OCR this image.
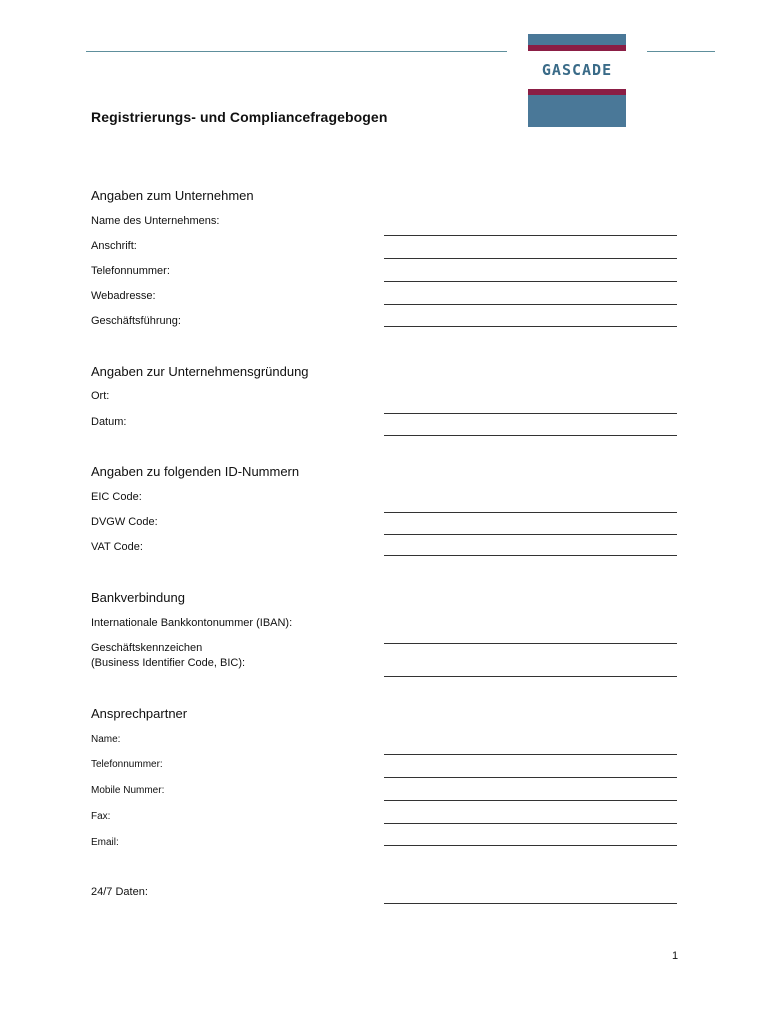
GASCADE
Registrierungs- und Compliancefragebogen
Angaben zum Unternehmen
Name des Unternehmens:
Anschrift:
Telefonnummer:
Webadresse:
Geschäftsführung:
Angaben zur Unternehmensgründung
Ort:
Datum:
Angaben zu folgenden ID-Nummern
EIC Code:
DVGW Code:
VAT Code:
Bankverbindung
Internationale Bankkontonummer (IBAN):
Geschäftskennzeichen
(Business Identifier Code, BIC):
Ansprechpartner
Name:
Telefonnummer:
Mobile Nummer:
Fax:
Email:
24/7 Daten:
1
